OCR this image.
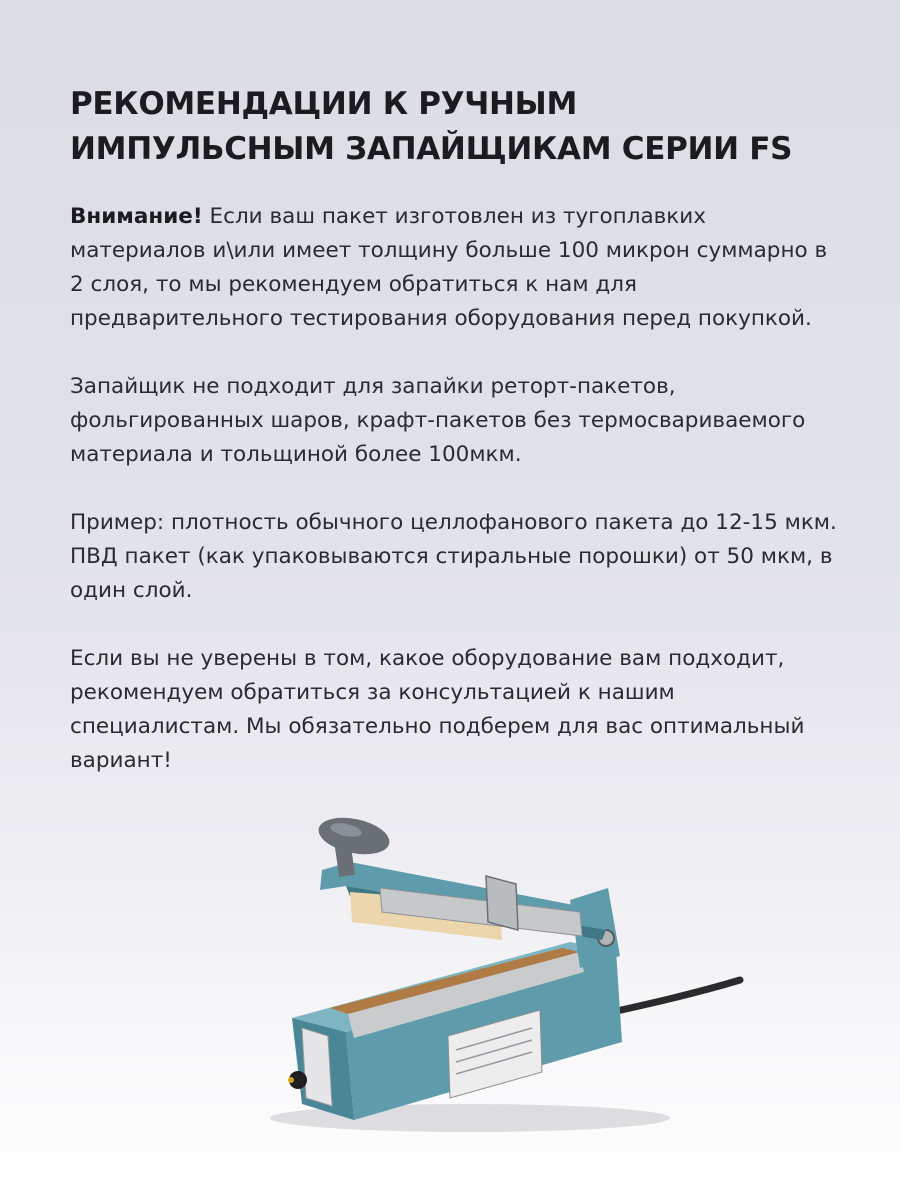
РЕКОМЕНДАЦИИ К РУЧНЫМ
ИМПУЛЬСНЫМ ЗАПАЙЩИКАМ СЕРИИ FS

Внимание! Если ваш пакет изготовлен из тугоплавких материалов и\или имеет толщину больше 100 микрон суммарно в 2 слоя, то мы рекомендуем обратиться к нам для предварительного тестирования оборудования перед покупкой.

Запайщик не подходит для запайки реторт-пакетов, фольгированных шаров, крафт-пакетов без термосвариваемого материала и тольщиной более 100мкм.

Пример: плотность обычного целлофанового пакета до 12-15 мкм. ПВД пакет (как упаковываются стиральные порошки) от 50 мкм, в один слой.

Если вы не уверены в том, какое оборудование вам подходит, рекомендуем обратиться за консультацией к нашим специалистам. Мы обязательно подберем для вас оптимальный вариант!
